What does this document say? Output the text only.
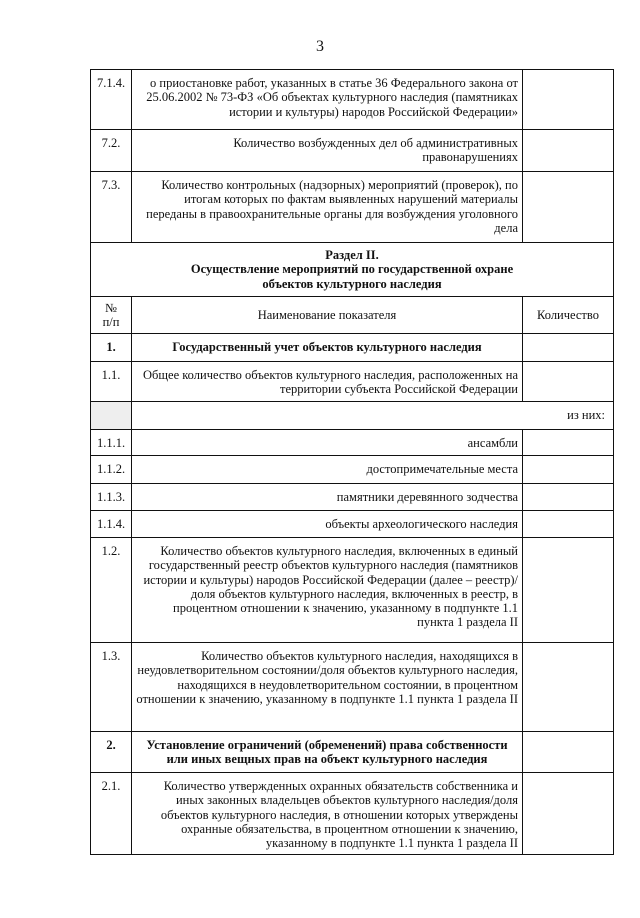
3
7.1.4.	о приостановке работ, указанных в статье 36 Федерального закона от 25.06.2002 № 73-ФЗ «Об объектах культурного наследия (памятниках истории и культуры) народов Российской Федерации»	
7.2.	Количество возбужденных дел об административных правонарушениях	
7.3.	Количество контрольных (надзорных) мероприятий (проверок), по итогам которых по фактам выявленных нарушений материалы переданы в правоохранительные органы для возбуждения уголовного дела	

Раздел II.
Осуществление мероприятий по государственной охране объектов культурного наследия		

№ п/п	Наименование показателя	Количество
1.	Государственный учет объектов культурного наследия	
1.1.	Общее количество объектов культурного наследия, расположенных на территории субъекта Российской Федерации	
	из них:	
1.1.1.	ансамбли	
1.1.2.	достопримечательные места	
1.1.3.	памятники деревянного зодчества	
1.1.4.	объекты археологического наследия	
1.2.	Количество объектов культурного наследия, включенных в единый государственный реестр объектов культурного наследия (памятников истории и культуры) народов Российской Федерации (далее – реестр)/доля объектов культурного наследия, включенных в реестр, в процентном отношении к значению, указанному в подпункте 1.1 пункта 1 раздела II	
1.3.	Количество объектов культурного наследия, находящихся в неудовлетворительном состоянии/доля объектов культурного наследия, находящихся в неудовлетворительном состоянии, в процентном отношении к значению, указанному в подпункте 1.1 пункта 1 раздела II	
2.	Установление ограничений (обременений) права собственности или иных вещных прав на объект культурного наследия	
2.1.	Количество утвержденных охранных обязательств собственника и иных законных владельцев объектов культурного наследия/доля объектов культурного наследия, в отношении которых утверждены охранные обязательства, в процентном отношении к значению, указанному в подпункте 1.1 пункта 1 раздела II	
